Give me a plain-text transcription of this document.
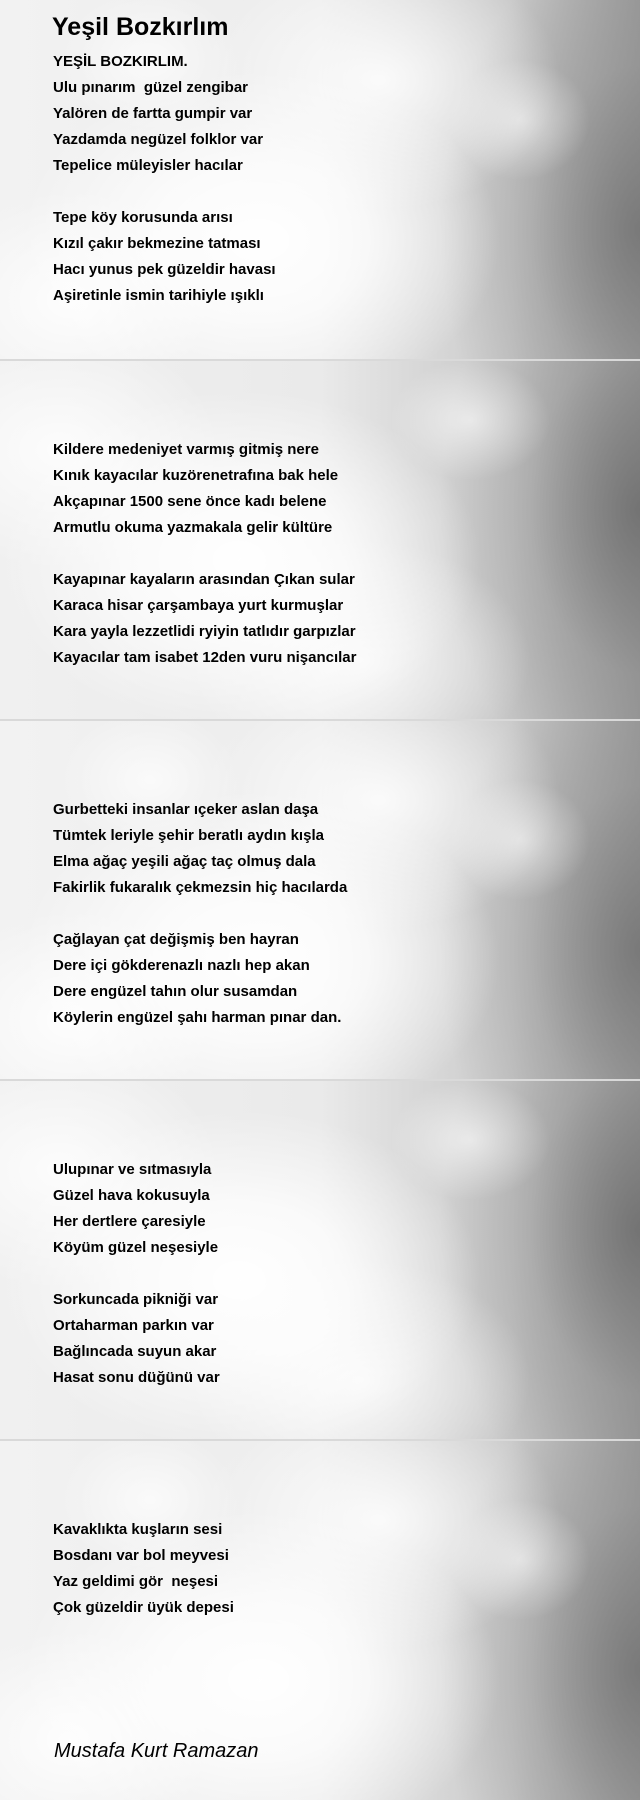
Yeşil Bozkırlım
YEŞİL BOZKIRLIM.
Ulu pınarım  güzel zengibar
Yalören de fartta gumpir var
Yazdamda negüzel folklor var
Tepelice müleyisler hacılar
Tepe köy korusunda arısı
Kızıl çakır bekmezine tatması
Hacı yunus pek güzeldir havası
Aşiretinle ismin tarihiyle ışıklı
Kildere medeniyet varmış gitmiş nere
Kınık kayacılar kuzörenetrafına bak hele
Akçapınar 1500 sene önce kadı belene
Armutlu okuma yazmakala gelir kültüre
Kayapınar kayaların arasından Çıkan sular
Karaca hisar çarşambaya yurt kurmuşlar
Kara yayla lezzetlidi ryiyin tatlıdır garpızlar
Kayacılar tam isabet 12den vuru nişancılar
Gurbetteki insanlar ıçeker aslan daşa
Tümtek leriyle şehir beratlı aydın kışla
Elma ağaç yeşili ağaç taç olmuş dala
Fakirlik fukaralık çekmezsin hiç hacılarda
Çağlayan çat değişmiş ben hayran
Dere içi gökderenazlı nazlı hep akan
Dere engüzel tahın olur susamdan
Köylerin engüzel şahı harman pınar dan.
Ulupınar ve sıtmasıyla
Güzel hava kokusuyla
Her dertlere çaresiyle
Köyüm güzel neşesiyle
Sorkuncada pikniği var
Ortaharman parkın var
Bağlıncada suyun akar
Hasat sonu düğünü var
Kavaklıkta kuşların sesi
Bosdanı var bol meyvesi
Yaz geldimi gör  neşesi
Çok güzeldir üyük depesi
Mustafa Kurt Ramazan
